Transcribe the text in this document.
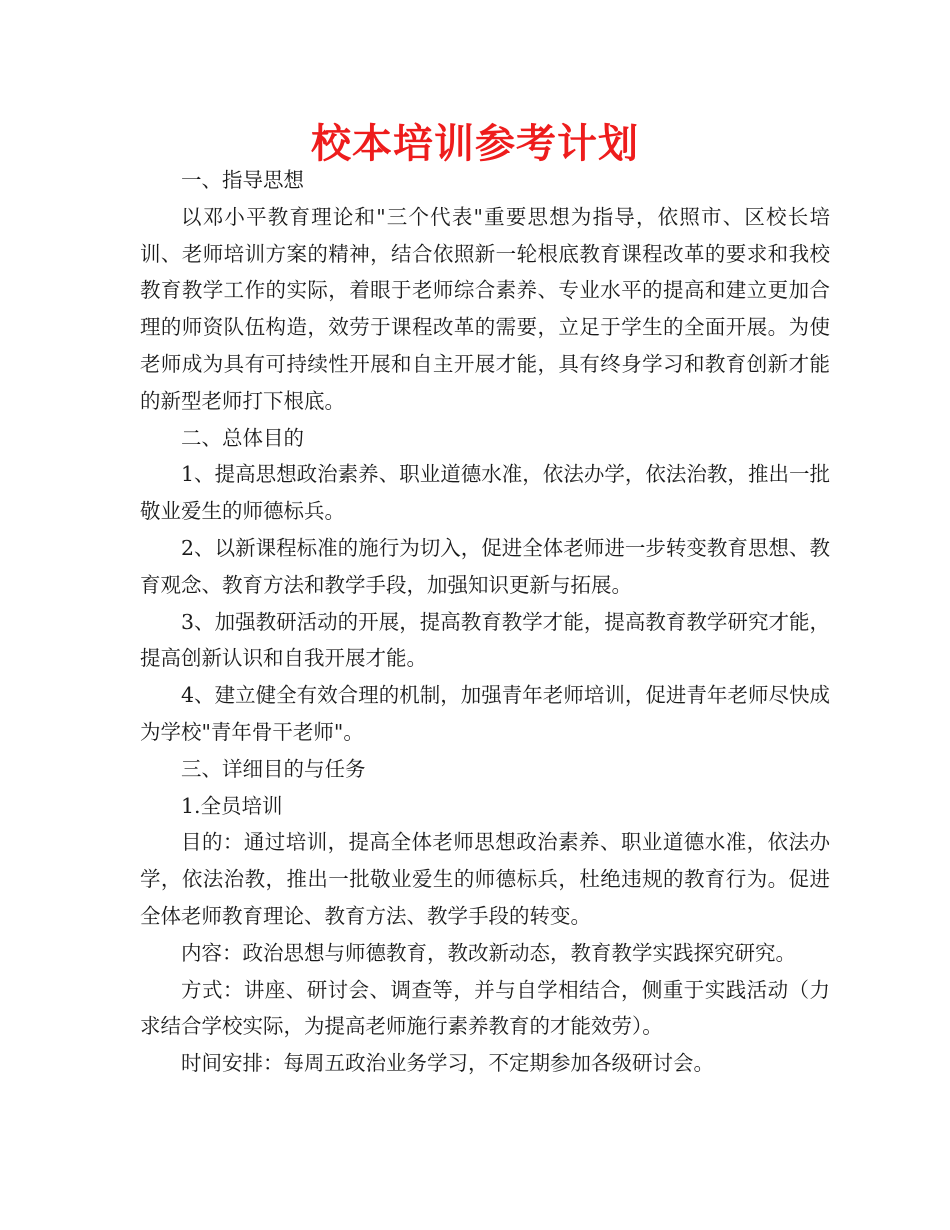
校本培训参考计划

一、指导思想

以邓小平教育理论和"三个代表"重要思想为指导，依照市、区校长培训、老师培训方案的精神，结合依照新一轮根底教育课程改革的要求和我校教育教学工作的实际，着眼于老师综合素养、专业水平的提高和建立更加合理的师资队伍构造，效劳于课程改革的需要，立足于学生的全面开展。为使老师成为具有可持续性开展和自主开展才能，具有终身学习和教育创新才能的新型老师打下根底。

二、总体目的

1、提高思想政治素养、职业道德水准，依法办学，依法治教，推出一批敬业爱生的师德标兵。

2、以新课程标准的施行为切入，促进全体老师进一步转变教育思想、教育观念、教育方法和教学手段，加强知识更新与拓展。

3、加强教研活动的开展，提高教育教学才能，提高教育教学研究才能，提高创新认识和自我开展才能。

4、建立健全有效合理的机制，加强青年老师培训，促进青年老师尽快成为学校"青年骨干老师"。

三、详细目的与任务

1.全员培训

目的：通过培训，提高全体老师思想政治素养、职业道德水准，依法办学，依法治教，推出一批敬业爱生的师德标兵，杜绝违规的教育行为。促进全体老师教育理论、教育方法、教学手段的转变。

内容：政治思想与师德教育，教改新动态，教育教学实践探究研究。

方式：讲座、研讨会、调查等，并与自学相结合，侧重于实践活动（力求结合学校实际，为提高老师施行素养教育的才能效劳）。

时间安排：每周五政治业务学习，不定期参加各级研讨会。
